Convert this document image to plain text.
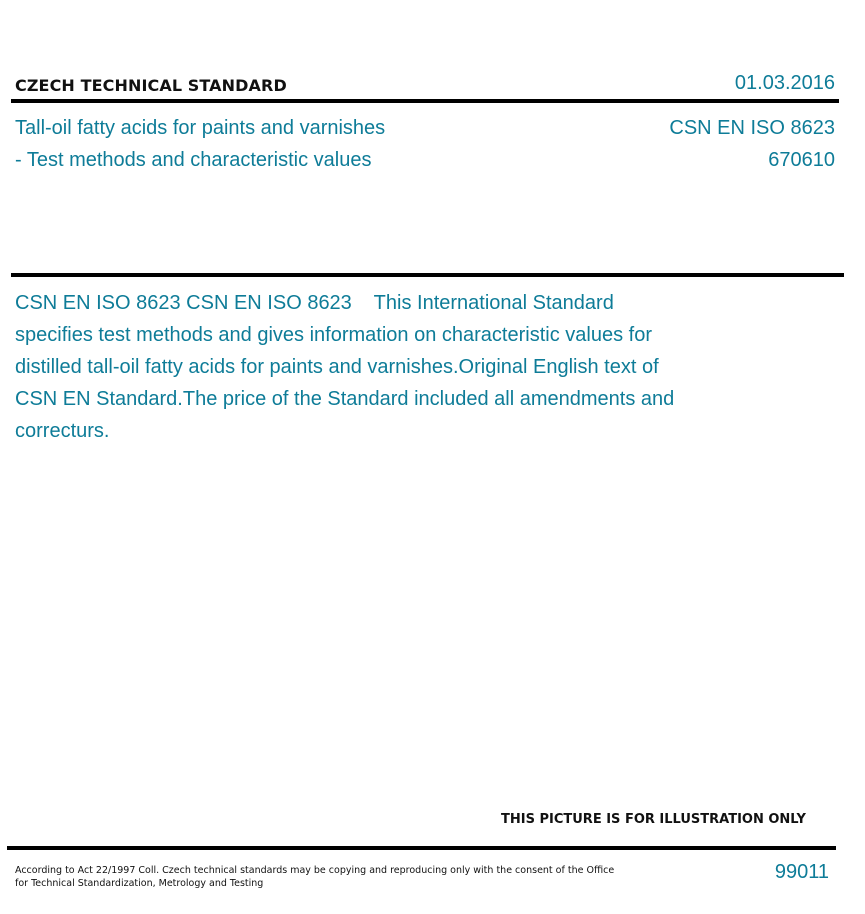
CZECH TECHNICAL STANDARD	01.03.2016
Tall-oil fatty acids for paints and varnishes
- Test methods and characteristic values
CSN EN ISO 8623
670610
CSN EN ISO 8623 CSN EN ISO 8623    This International Standard specifies test methods and gives information on characteristic values for distilled tall-oil fatty acids for paints and varnishes.Original English text of CSN EN Standard.The price of the Standard included all amendments and correcturs.
THIS PICTURE IS FOR ILLUSTRATION ONLY
According to Act 22/1997 Coll. Czech technical standards may be copying and reproducing only with the consent of the Office
for Technical Standardization, Metrology and Testing
99011
